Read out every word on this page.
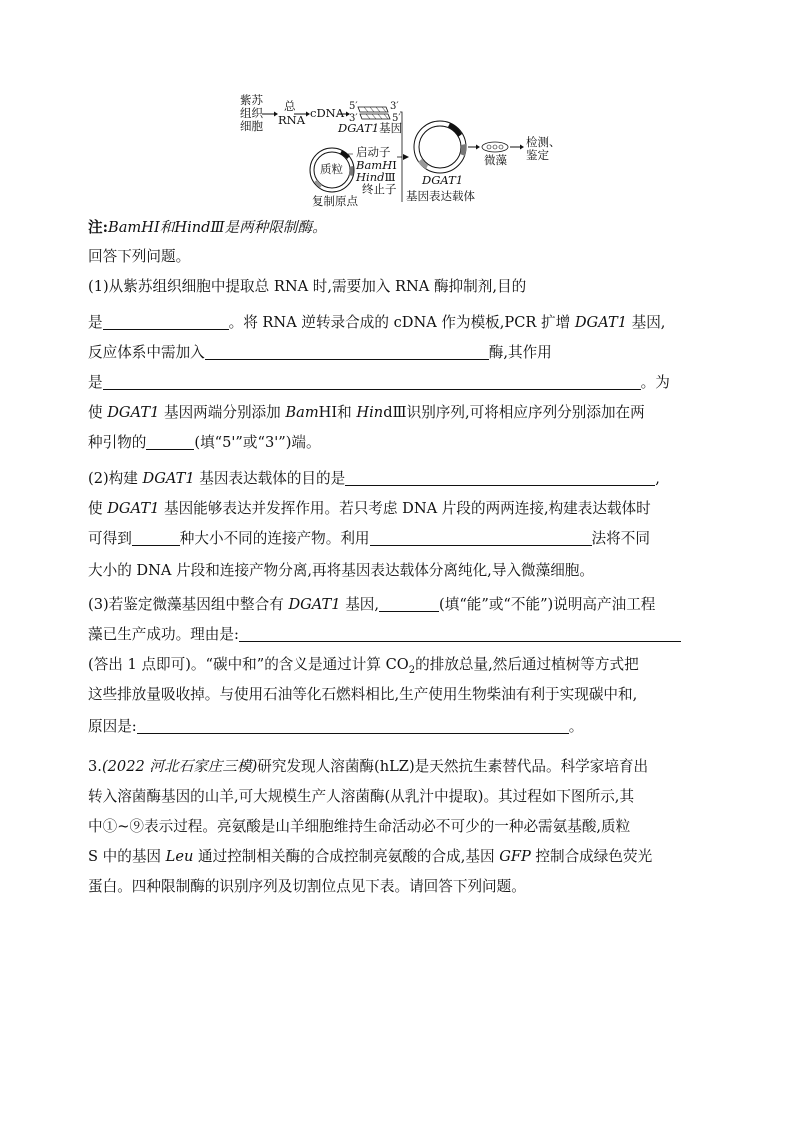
紫苏
组织
细胞
总
RNA cDNA 5′
3′
3′
5′
DGAT1基因
质粒
启动子
BamHⅠ
HindⅢ
终止子
复制原点
DGAT1
基因表达载体
微藻
检测、
鉴定
注:BamHⅠ和HindⅢ是两种限制酶。
回答下列问题。
(1)从紫苏组织细胞中提取总 RNA 时,需要加入 RNA 酶抑制剂,目的
是	。将 RNA 逆转录合成的 cDNA 作为模板,PCR 扩增 DGAT1 基因,
反应体系中需加入	酶,其作用
是	。为
使 DGAT1 基因两端分别添加 BamHⅠ和 HindⅢ识别序列,可将相应序列分别添加在两
种引物的	(填“5'”或“3'”)端。
(2)构建 DGAT1 基因表达载体的目的是	,
使 DGAT1 基因能够表达并发挥作用。若只考虑 DNA 片段的两两连接,构建表达载体时
可得到	种大小不同的连接产物。利用	法将不同
大小的 DNA 片段和连接产物分离,再将基因表达载体分离纯化,导入微藻细胞。
(3)若鉴定微藻基因组中整合有 DGAT1 基因,	(填“能”或“不能”)说明高产油工程
藻已生产成功。理由是:
(答出 1 点即可)。“碳中和”的含义是通过计算 $CO_2$的排放总量,然后通过植树等方式把
这些排放量吸收掉。与使用石油等化石燃料相比,生产使用生物柴油有利于实现碳中和,
原因是:	。
3.(2022 河北石家庄三模)研究发现人溶菌酶(hLZ)是天然抗生素替代品。科学家培育出
转入溶菌酶基因的山羊,可大规模生产人溶菌酶(从乳汁中提取)。其过程如下图所示,其
中①~⑨表示过程。亮氨酸是山羊细胞维持生命活动必不可少的一种必需氨基酸,质粒
S 中的基因 Leu 通过控制相关酶的合成控制亮氨酸的合成,基因 GFP 控制合成绿色荧光
蛋白。四种限制酶的识别序列及切割位点见下表。请回答下列问题。
